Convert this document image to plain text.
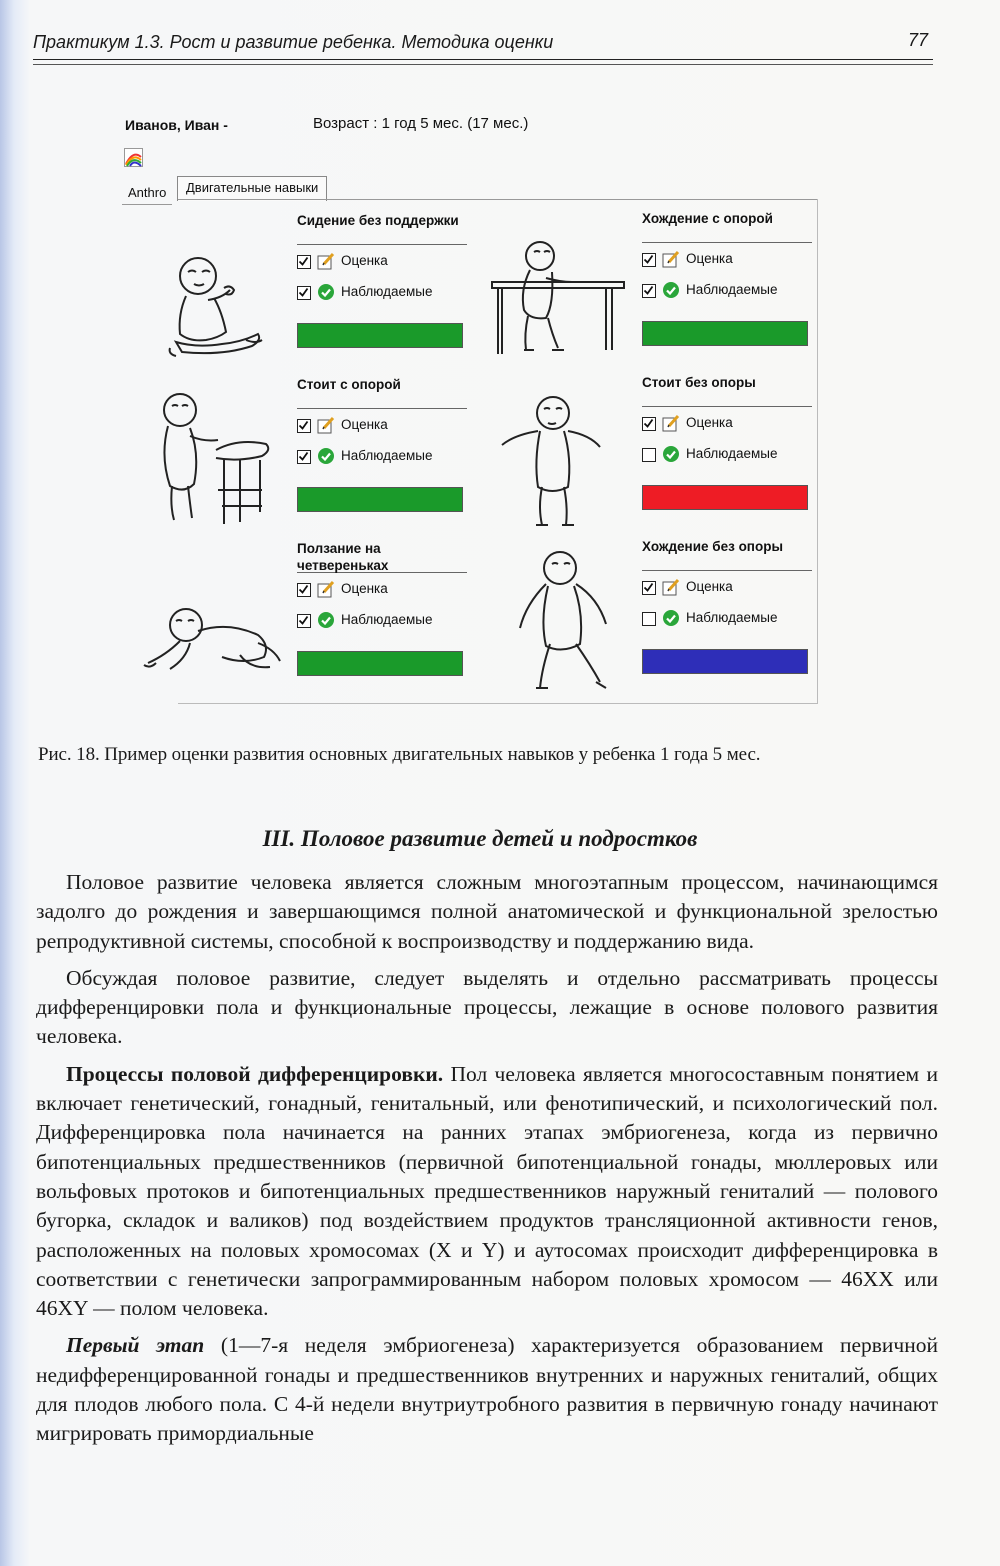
Практикум 1.3. Рост и развитие ребенка. Методика оценки	77
Иванов, Иван -	Возраст : 1 год 5 мес. (17 мес.)
Anthro	Двигательные навыки
Сидение без поддержки
Оценка
Наблюдаемые
Хождение с опорой
Оценка
Наблюдаемые
Стоит с опорой
Оценка
Наблюдаемые
Стоит без опоры
Оценка
Наблюдаемые
Ползание на четвереньках
Оценка
Наблюдаемые
Хождение без опоры
Оценка
Наблюдаемые
Рис. 18. Пример оценки развития основных двигательных навыков у ребенка 1 года 5 мес.
III. Половое развитие детей и подростков

Половое развитие человека является сложным многоэтапным процессом, начинающимся задолго до рождения и завершающимся полной анатомической и функциональной зрелостью репродуктивной системы, способной к воспроизводству и поддержанию вида.

Обсуждая половое развитие, следует выделять и отдельно рассматривать процессы дифференцировки пола и функциональные процессы, лежащие в основе полового развития человека.

Процессы половой дифференцировки. Пол человека является многосоставным понятием и включает генетический, гонадный, генитальный, или фенотипический, и психологический пол. Дифференцировка пола начинается на ранних этапах эмбриогенеза, когда из первично бипотенциальных предшественников (первичной бипотенциальной гонады, мюллеровых или вольфовых протоков и бипотенциальных предшественников наружный гениталий — полового бугорка, складок и валиков) под воздействием продуктов трансляционной активности генов, расположенных на половых хромосомах (X и Y) и аутосомах происходит дифференцировка в соответствии с генетически запрограммированным набором половых хромосом — 46XX или 46XY — полом человека.

Первый этап (1—7-я неделя эмбриогенеза) характеризуется образованием первичной недифференцированной гонады и предшественников внутренних и наружных гениталий, общих для плодов любого пола. С 4-й недели внутриутробного развития в первичную гонаду начинают мигрировать примордиальные
